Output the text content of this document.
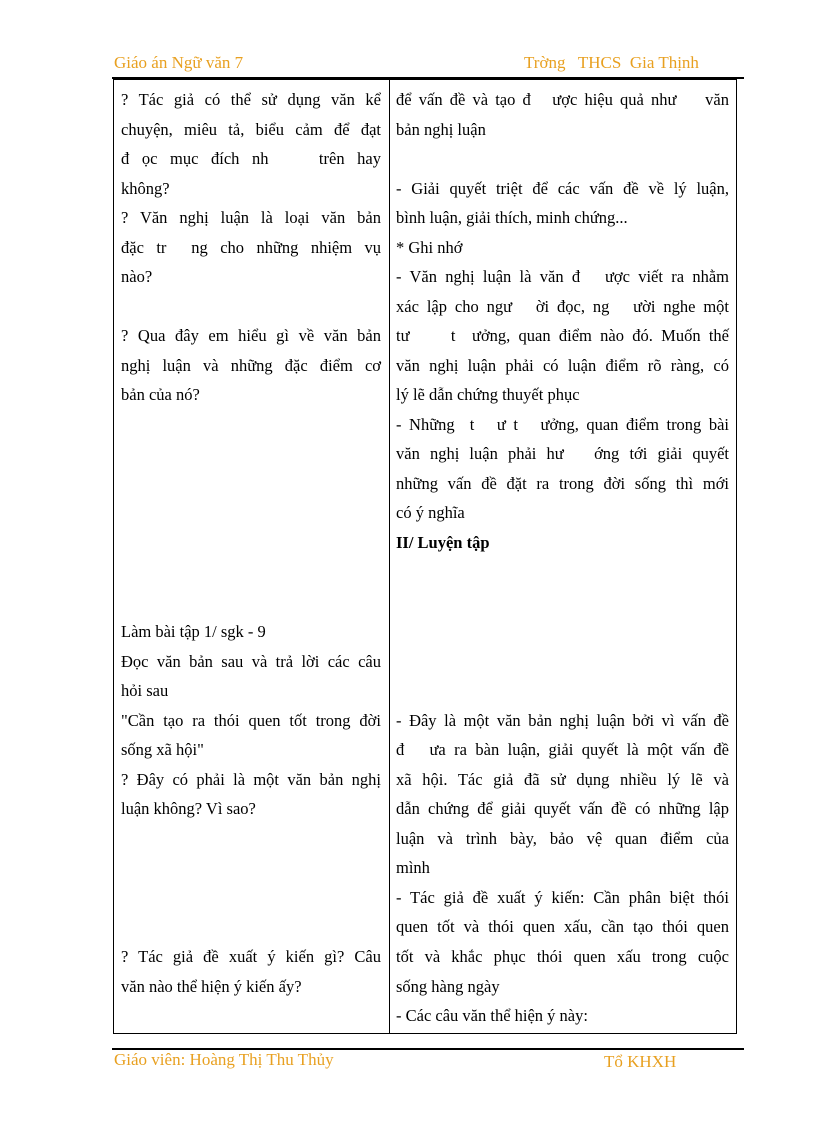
Giáo án Ngữ văn 7	Trờng   THCS  Gia Thịnh
? Tác giả có thể sử dụng văn kể
chuyện, miêu tả, biểu cảm để đạt
đ ọc mục đích nh    trên hay
không?
? Văn nghị luận là loại văn bản
đặc tr  ng cho những nhiệm vụ
nào?
? Qua đây em hiểu gì về văn bản
nghị luận và những đặc điểm cơ
bản của nó?
Làm bài tập 1/ sgk - 9
Đọc văn bản sau và trả lời các câu
hỏi sau
"Cần tạo ra thói quen tốt trong đời
sống xã hội"
? Đây có phải là một văn bản nghị
luận không? Vì sao?
? Tác giả đề xuất ý kiến gì? Câu
văn nào thể hiện ý kiến ấy?
để vấn đề và tạo đ   ược hiệu quả như    văn
bản nghị luận
- Giải quyết triệt để các vấn đề về lý luận,
bình luận, giải thích, minh chứng...
* Ghi nhớ
- Văn nghị luận là văn đ   ược viết ra nhằm
xác lập cho ngư   ời đọc, ng   ười nghe một
tư     t  ưởng, quan điểm nào đó. Muốn thế
văn nghị luận phải có luận điểm rõ ràng, có
lý lẽ dẫn chứng thuyết phục
- Những  t   ư t   ưởng, quan điểm trong bài
văn nghị luận phải hư   ớng tới giải quyết
những vấn đề đặt ra trong đời sống thì mới
có ý nghĩa
II/ Luyện tập
- Đây là một văn bản nghị luận bởi vì vấn đề
đ   ưa ra bàn luận, giải quyết là một vấn đề
xã hội. Tác giả đã sử dụng nhiều lý lẽ và
dẫn chứng để giải quyết vấn đề có những lập
luận và trình bày, bảo vệ quan điểm của
mình
- Tác giả đề xuất ý kiến: Cần phân biệt thói
quen tốt và thói quen xấu, cần tạo thói quen
tốt và khắc phục thói quen xấu trong cuộc
sống hàng ngày
- Các câu văn thể hiện ý này:
Giáo viên: Hoàng Thị Thu Thủy	Tổ KHXH
